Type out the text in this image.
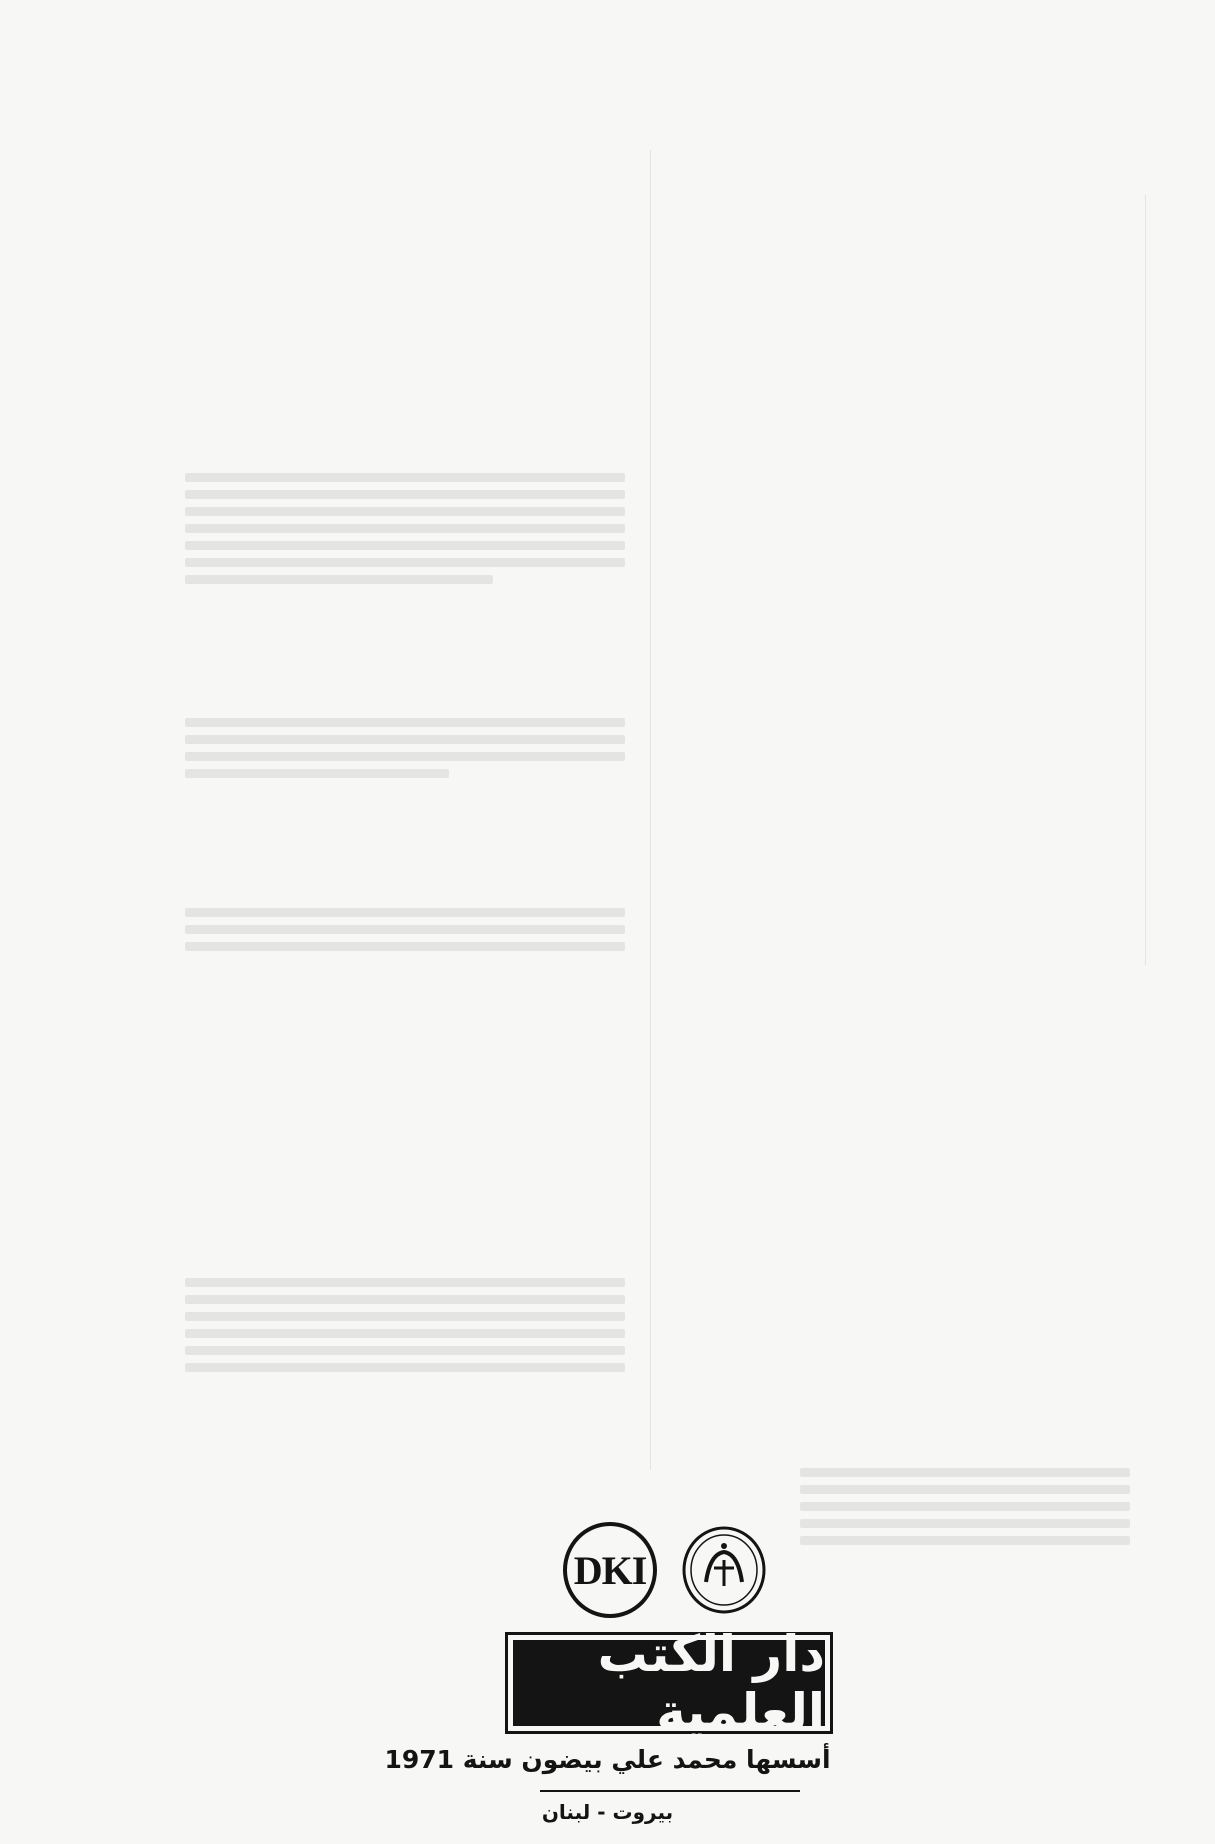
DKI
دار الكتب العلمية
أسسها محمد علي بيضون سنة 1971
بيروت - لبنان
